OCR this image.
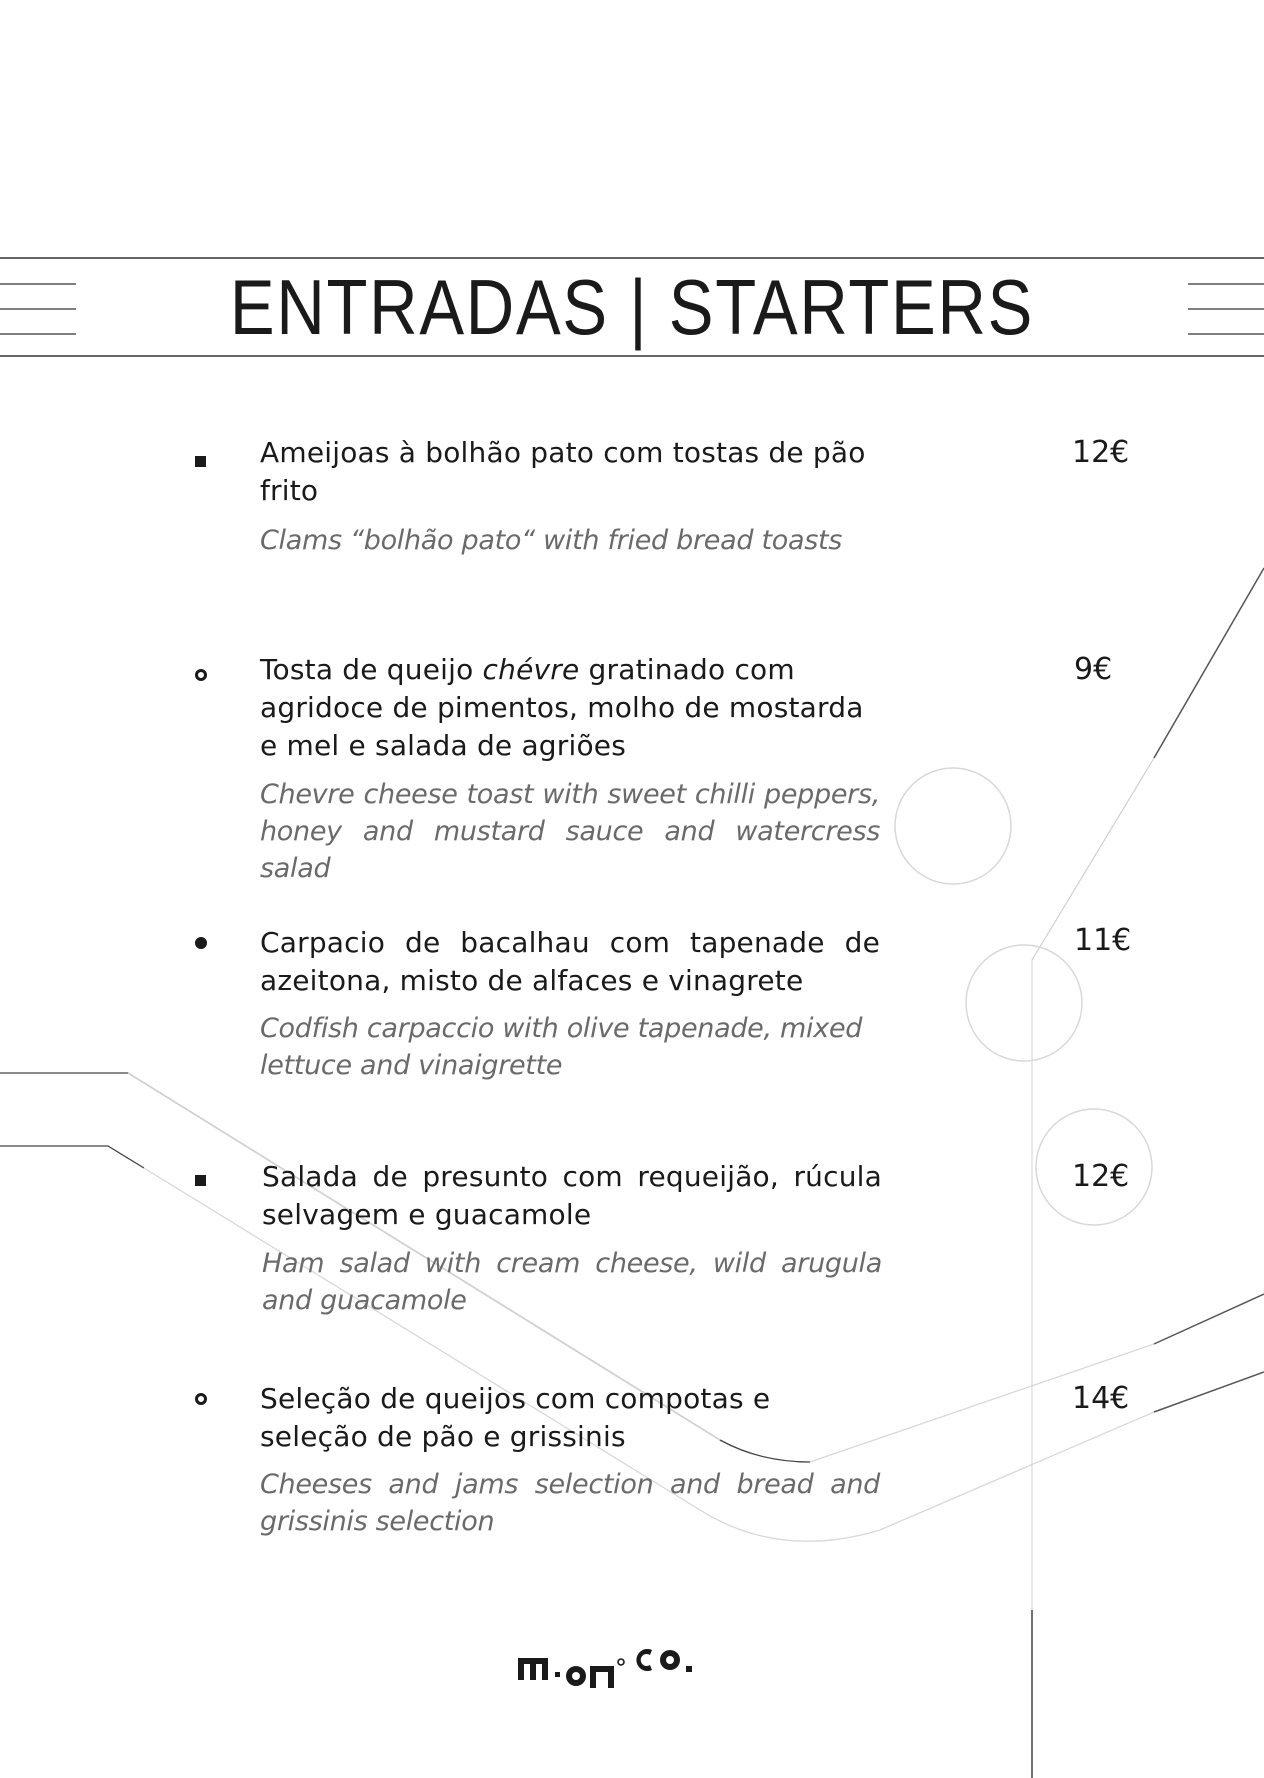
ENTRADAS | STARTERS

Ameijoas à bolhão pato com tostas de pão frito

Clams “bolhão pato“ with fried bread toasts

12€

Tosta de queijo chévre gratinado com agridoce de pimentos, molho de mostarda e mel e salada de agriões

Chevre cheese toast with sweet chilli peppers, honey and mustard sauce and watercress salad

9€

Carpacio de bacalhau com tapenade de azeitona, misto de alfaces e vinagrete

Codfish carpaccio with olive tapenade, mixed lettuce and vinaigrette

11€

Salada de presunto com requeijão, rúcula selvagem e guacamole

Ham salad with cream cheese, wild arugula and guacamole

12€

Seleção de queijos com compotas e seleção de pão e grissinis

Cheeses and jams selection and bread and grissinis selection

14€
